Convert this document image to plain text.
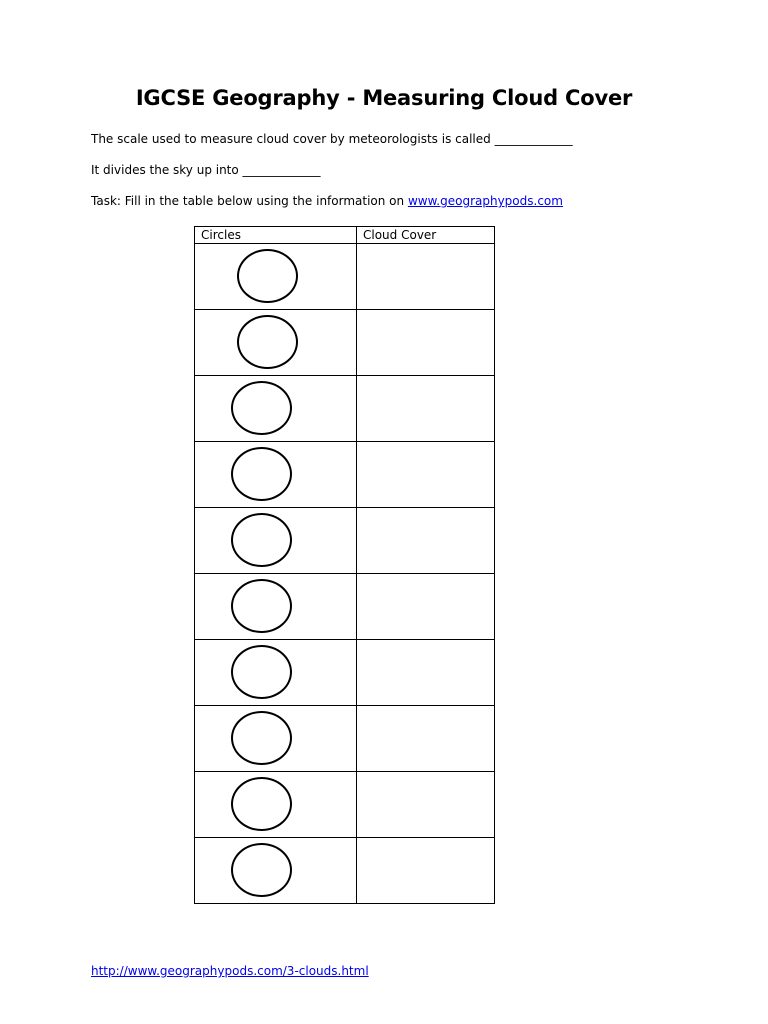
IGCSE Geography - Measuring Cloud Cover

The scale used to measure cloud cover by meteorologists is called _____________

It divides the sky up into _____________

Task: Fill in the table below using the information on www.geographypods.com

Circles	Cloud Cover

http://www.geographypods.com/3-clouds.html
